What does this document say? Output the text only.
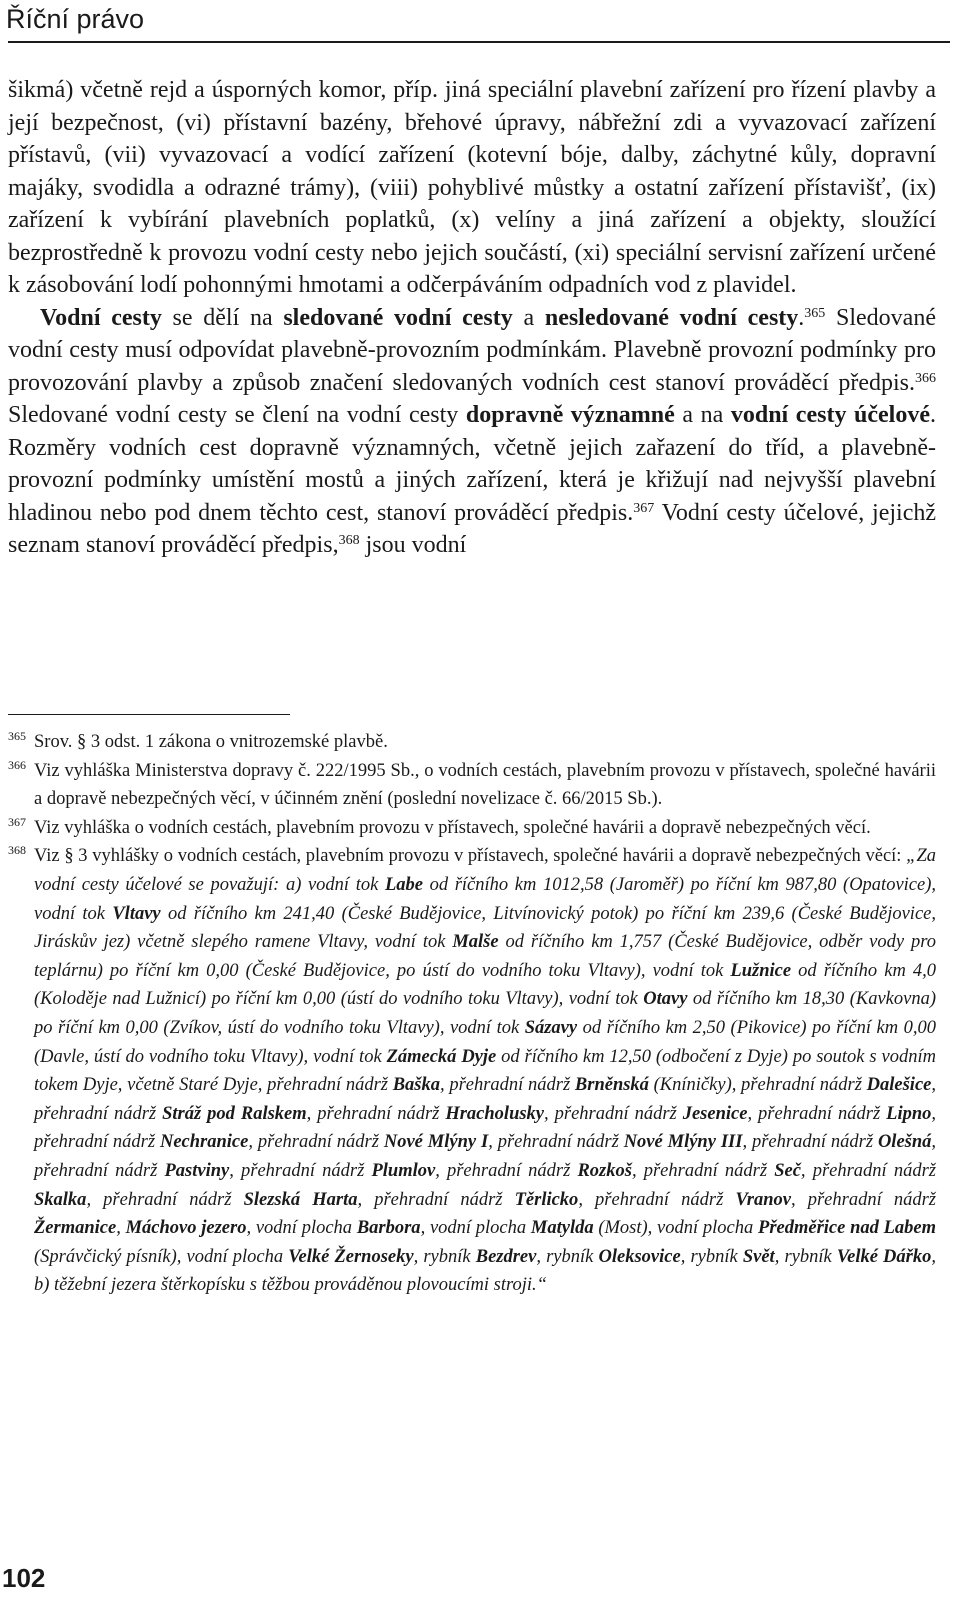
Říční právo

šikmá) včetně rejd a úsporných komor, příp. jiná speciální plavební zařízení pro řízení plavby a její bezpečnost, (vi) přístavní bazény, břehové úpravy, nábřežní zdi a vyvazovací zařízení přístavů, (vii) vyvazovací a vodící zařízení (kotevní bóje, dalby, záchytné kůly, dopravní majáky, svodidla a odrazné trámy), (viii) pohyblivé můstky a ostatní zařízení přístavišť, (ix) zařízení k vybírání plavebních poplatků, (x) velíny a jiná zařízení a objekty, sloužící bezprostředně k provozu vodní cesty nebo jejich součástí, (xi) speciální servisní zařízení určené k zásobování lodí pohonnými hmotami a odčerpáváním odpadních vod z plavidel.

Vodní cesty se dělí na sledované vodní cesty a nesledované vodní cesty.$^{365}$ Sledované vodní cesty musí odpovídat plavebně-provozním podmínkám. Plavebně provozní podmínky pro provozování plavby a způsob značení sledovaných vodních cest stanoví prováděcí předpis.$^{366}$ Sledované vodní cesty se člení na vodní cesty dopravně významné a na vodní cesty účelové. Rozměry vodních cest dopravně významných, včetně jejich zařazení do tříd, a plavebně-provozní podmínky umístění mostů a jiných zařízení, která je křižují nad nejvyšší plavební hladinou nebo pod dnem těchto cest, stanoví prováděcí předpis.$^{367}$ Vodní cesty účelové, jejichž seznam stanoví prováděcí předpis,$^{368}$ jsou vodní

365 Srov. § 3 odst. 1 zákona o vnitrozemské plavbě.
366 Viz vyhláška Ministerstva dopravy č. 222/1995 Sb., o vodních cestách, plavebním provozu v přístavech, společné havárii a dopravě nebezpečných věcí, v účinném znění (poslední novelizace č. 66/2015 Sb.).
367 Viz vyhláška o vodních cestách, plavebním provozu v přístavech, společné havárii a dopravě nebezpečných věcí.
368 Viz § 3 vyhlášky o vodních cestách, plavebním provozu v přístavech, společné havárii a dopravě nebezpečných věcí: „Za vodní cesty účelové se považují: a) vodní tok Labe od říčního km 1012,58 (Jaroměř) po říční km 987,80 (Opatovice), vodní tok Vltavy od říčního km 241,40 (České Budějovice, Litvínovický potok) po říční km 239,6 (České Budějovice, Jiráskův jez) včetně slepého ramene Vltavy, vodní tok Malše od říčního km 1,757 (České Budějovice, odběr vody pro teplárnu) po říční km 0,00 (České Budějovice, po ústí do vodního toku Vltavy), vodní tok Lužnice od říčního km 4,0 (Koloděje nad Lužnicí) po říční km 0,00 (ústí do vodního toku Vltavy), vodní tok Otavy od říčního km 18,30 (Kavkovna) po říční km 0,00 (Zvíkov, ústí do vodního toku Vltavy), vodní tok Sázavy od říčního km 2,50 (Pikovice) po říční km 0,00 (Davle, ústí do vodního toku Vltavy), vodní tok Zámecká Dyje od říčního km 12,50 (odbočení z Dyje) po soutok s vodním tokem Dyje, včetně Staré Dyje, přehradní nádrž Baška, přehradní nádrž Brněnská (Kníničky), přehradní nádrž Dalešice, přehradní nádrž Stráž pod Ralskem, přehradní nádrž Hracholusky, přehradní nádrž Jesenice, přehradní nádrž Lipno, přehradní nádrž Nechranice, přehradní nádrž Nové Mlýny I, přehradní nádrž Nové Mlýny III, přehradní nádrž Olešná, přehradní nádrž Pastviny, přehradní nádrž Plumlov, přehradní nádrž Rozkoš, přehradní nádrž Seč, přehradní nádrž Skalka, přehradní nádrž Slezská Harta, přehradní nádrž Těrlicko, přehradní nádrž Vranov, přehradní nádrž Žermanice, Máchovo jezero, vodní plocha Barbora, vodní plocha Matylda (Most), vodní plocha Předměřice nad Labem (Správčický písník), vodní plocha Velké Žernoseky, rybník Bezdrev, rybník Oleksovice, rybník Svět, rybník Velké Dářko, b) těžební jezera štěrkopísku s těžbou prováděnou plovoucími stroji.“
102
